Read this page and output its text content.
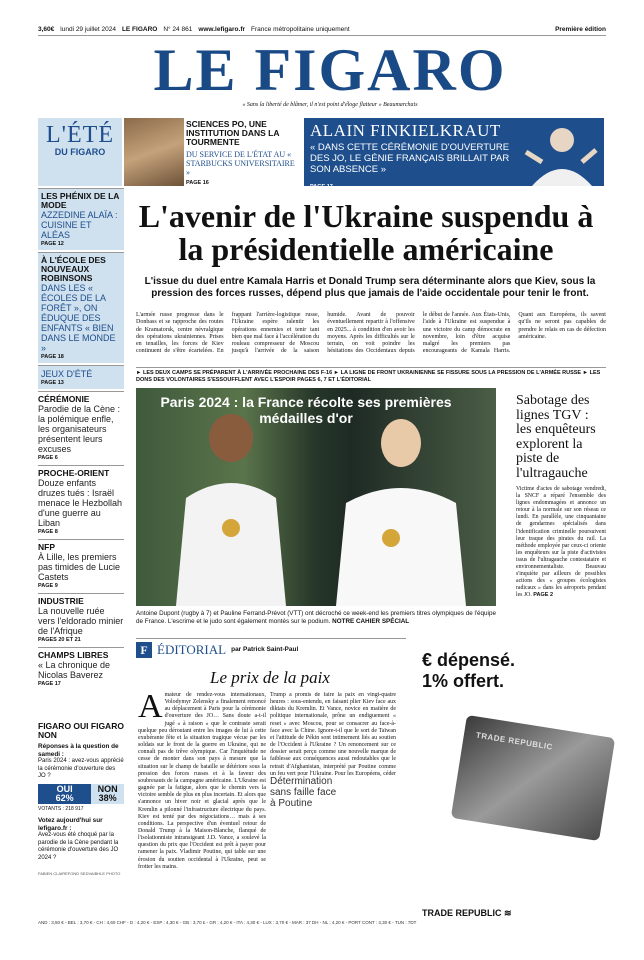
3,60€ lundi 29 juillet 2024 LE FIGARO N° 24 861 www.lefigaro.fr France métropolitaine uniquement	Première édition
LE FIGARO
« Sans la liberté de blâmer, il n'est point d'éloge flatteur » Beaumarchais
L'ÉTÉ
DU FIGARO
SCIENCES PO, UNE INSTITUTION DANS LA TOURMENTE
DU SERVICE DE L'ÉTAT AU « STARBUCKS UNIVERSITAIRE »
PAGE 16
ALAIN FINKIELKRAUT
« DANS CETTE CÉRÉMONIE D'OUVERTURE DES JO, LE GÉNIE FRANÇAIS BRILLAIT PAR SON ABSENCE »
PAGE 17
LES PHÉNIX DE LA MODE
AZZEDINE ALAÏA : CUISINE ET ALÉAS
PAGE 12
À L'ÉCOLE DES NOUVEAUX ROBINSONS
DANS LES « ÉCOLES DE LA FORÊT », ON ÉDUQUE DES ENFANTS « BIEN DANS LE MONDE »
PAGE 18
JEUX D'ÉTÉ
PAGE 13
CÉRÉMONIE
Parodie de la Cène : la polémique enfle, les organisateurs présentent leurs excuses
PAGE 6
PROCHE-ORIENT
Douze enfants druzes tués : Israël menace le Hezbollah d'une guerre au Liban
PAGE 8
NFP
À Lille, les premiers pas timides de Lucie Castets
PAGE 9
INDUSTRIE
La nouvelle ruée vers l'eldorado minier de l'Afrique
PAGES 20 ET 21
CHAMPS LIBRES
« La chronique de Nicolas Baverez
PAGE 17
L'avenir de l'Ukraine suspendu à la présidentielle américaine
L'issue du duel entre Kamala Harris et Donald Trump sera déterminante alors que Kiev, sous la pression des forces russes, dépend plus que jamais de l'aide occidentale pour tenir le front.
L'armée russe progresse dans le Donbass et se rapproche des routes de Kramatorsk, centre névralgique des opérations ukrainiennes. Prises en tenailles, les forces de Kiev continuent de s'être écartelées. En frappant l'arrière-logistique russe, l'Ukraine espère ralentir les opérations ennemies et tenir tant bien que mal face à l'accélération du rouleau compresseur de Moscou jusqu'à l'arrivée de la saison humide. Avant de pouvoir éventuellement repartir à l'offensive en 2025... à condition d'en avoir les moyens. Après les difficultés sur le terrain, on voit poindre les hésitations des Occidentaux depuis le début de l'année. Aux États-Unis, l'aide à l'Ukraine est suspendue à une victoire du camp démocrate en novembre, loin d'être acquise malgré les premiers pas encourageants de Kamala Harris. Quant aux Européens, ils savent qu'ils ne seront pas capables de prendre le relais en cas de défection américaine.
► LES DEUX CAMPS SE PRÉPARENT À L'ARRIVÉE PROCHAINE DES F-16 ► LA LIGNE DE FRONT UKRAINIENNE SE FISSURE SOUS LA PRESSION DE L'ARMÉE RUSSE ► LES DONS DES VOLONTAIRES S'ESSOUFFLENT AVEC L'ESPOIR PAGES 6, 7 ET L'ÉDITORIAL
Paris 2024 : la France récolte ses premières médailles d'or
Antoine Dupont (rugby à 7) et Pauline Ferrand-Prévot (VTT) ont décroché ce week-end les premiers titres olympiques de l'équipe de France. L'escrime et le judo sont également montés sur le podium. NOTRE CAHIER SPÉCIAL
Sabotage des lignes TGV : les enquêteurs explorent la piste de l'ultragauche
Victime d'actes de sabotage vendredi, la SNCF a réparé l'ensemble des lignes endommagées et annonce un retour à la normale sur son réseau ce lundi. En parallèle, une cinquantaine de gendarmes spécialisés dans l'identification criminelle poursuivent leur traque des pirates du rail. La méthode employée par ceux-ci oriente les enquêteurs sur la piste d'activistes issus de l'ultragauche contestataire et environnementaliste. Beauvau s'inquiète par ailleurs de possibles actions des « groupes écologistes radicaux » dans les aéroports pendant les JO. PAGE 2
F ÉDITORIAL par Patrick Saint-Paul
Le prix de la paix
Amateur de rendez-vous internationaux, Volodymyr Zelensky a finalement renoncé au déplacement à Paris pour la cérémonie d'ouverture des JO… Sans doute a-t-il jugé « à raison » que le contraste serait quelque peu déroutant entre les images de lui à cette exubérante fête et la situation tragique vécue par les soldats sur le front de la guerre en Ukraine, qui ne connaît pas de trêve olympique. Car l'inquiétude ne cesse de monter dans son pays à mesure que la situation sur le champ de bataille se détériore sous la pression des forces russes et à la faveur des soubresauts de la campagne américaine. L'Ukraine est gagnée par la fatigue, alors que le chemin vers la victoire semble de plus en plus incertain. Et alors que s'annonce un hiver noir et glacial après que le Kremlin a pilonné l'infrastructure électrique du pays. Kiev est tenté par des négociations… mais à ses conditions. La perspective d'un éventuel retour de Donald Trump à la Maison-Blanche, flanqué de l'isolationniste intransigeant J.D. Vance, a soulevé la question du prix que l'Occident est prêt à payer pour ramener la paix. Vladimir Poutine, qui table sur une érosion du soutien occidental à l'Ukraine, peut se frotter les mains.
Trump a promis de faire la paix en vingt-quatre heures : sous-entendu, en faisant plier Kiev face aux diktats du Kremlin. Et Vance, novice en matière de politique internationale, prône un endiguement « reset » avec Moscou, pour se consacrer au face-à-face avec la Chine. Ignore-t-il que le sort de Taïwan et l'attitude de Pékin sont intimement liés au soutien de l'Occident à l'Ukraine ? Un renoncement sur ce dossier serait perçu comme une nouvelle marque de faiblesse aux conséquences aussi redoutables que le retrait d'Afghanistan, interprété par Poutine comme un feu vert pour l'Ukraine. Pour les Européens, céder
Détermination sans faille face à Poutine
€ dépensé.
1% offert.
TRADE REPUBLIC
TRADE REPUBLIC ≋
FIGARO OUI FIGARO NON
Réponses à la question de samedi :
Paris 2024 : avez-vous apprécié la cérémonie d'ouverture des JO ?
OUI
62%
NON
38%
VOTANTS : 218 917
Votez aujourd'hui sur lefigaro.fr :
Avez-vous été choqué par la parodie de la Cène pendant la cérémonie d'ouverture des JO 2024 ?
FABIEN CLAIREFOND SEDVAIBHLE PHOTO
AND : 3,50 € - BEL : 3,70 € - CH : 4,60 CHF - D : 4,20 € - ESP : 4,30 € - GB : 3,70 £ - GR : 4,20 € - ITA : 4,30 € - LUX : 3,70 € - MAR : 37 DH - NL : 4,20 € - PORT CONT : 4,30 € - TUN : 7DT
